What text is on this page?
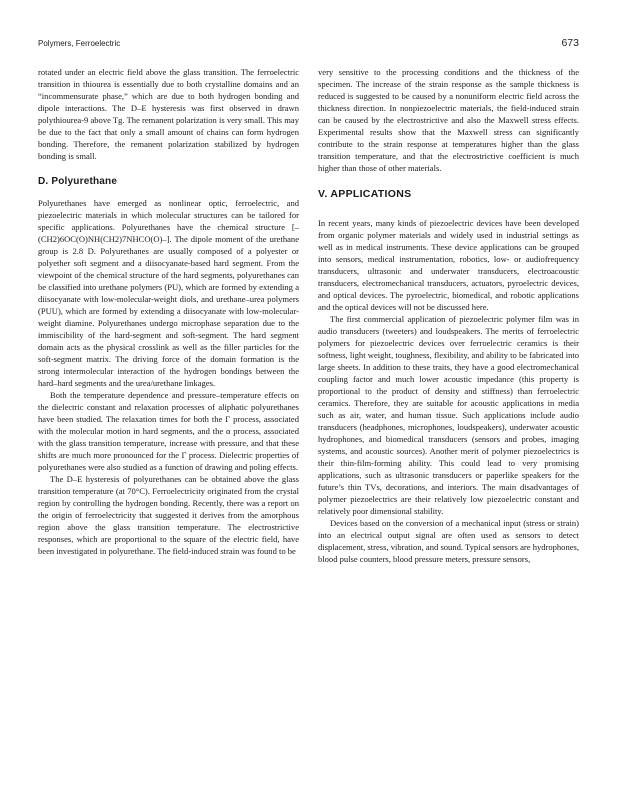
Polymers, Ferroelectric	673

rotated under an electric field above the glass transition. The ferroelectric transition in thiourea is essentially due to both crystalline domains and an “incommensurate phase,” which are due to both hydrogen bonding and dipole interactions. The D–E hysteresis was first observed in drawn polythiourea-9 above Tg. The remanent polarization is very small. This may be due to the fact that only a small amount of chains can form hydrogen bonding. Therefore, the remanent polarization stabilized by hydrogen bonding is small.

D. Polyurethane

Polyurethanes have emerged as nonlinear optic, ferroelectric, and piezoelectric materials in which molecular structures can be tailored for specific applications. Polyurethanes have the chemical structure [–(CH2)6OC(O)NH(CH2)7NHCO(O)–]. The dipole moment of the urethane group is 2.8 D. Polyurethanes are usually composed of a polyester or polyether soft segment and a diisocyanate-based hard segment. From the viewpoint of the chemical structure of the hard segments, polyurethanes can be classified into urethane polymers (PU), which are formed by extending a diisocyanate with low-molecular-weight diols, and urethane–urea polymers (PUU), which are formed by extending a diisocyanate with low-molecular-weight diamine. Polyurethanes undergo microphase separation due to the immiscibility of the hard-segment and soft-segment. The hard segment domain acts as the physical crosslink as well as the filler particles for the soft-segment matrix. The driving force of the domain formation is the strong intermolecular interaction of the hydrogen bondings between the hard–hard segments and the urea/urethane linkages.

Both the temperature dependence and pressure–temperature effects on the dielectric constant and relaxation processes of aliphatic polyurethanes have been studied. The relaxation times for both the Γ process, associated with the molecular motion in hard segments, and the α process, associated with the glass transition temperature, increase with pressure, and that these shifts are much more pronounced for the Γ process. Dielectric properties of polyurethanes were also studied as a function of drawing and poling effects.

The D–E hysteresis of polyurethanes can be obtained above the glass transition temperature (at 70°C). Ferroelectricity originated from the crystal region by controlling the hydrogen bonding. Recently, there was a report on the origin of ferroelectricity that suggested it derives from the amorphous region above the glass transition temperature. The electrostrictive responses, which are proportional to the square of the electric field, have been investigated in polyurethane. The field-induced strain was found to be

very sensitive to the processing conditions and the thickness of the specimen. The increase of the strain response as the sample thickness is reduced is suggested to be caused by a nonuniform electric field across the thickness direction. In nonpiezoelectric materials, the field-induced strain can be caused by the electrostrictive and also the Maxwell stress effects. Experimental results show that the Maxwell stress can significantly contribute to the strain response at temperatures higher than the glass transition temperature, and that the electrostrictive coefficient is much higher than those of other materials.

V. APPLICATIONS

In recent years, many kinds of piezoelectric devices have been developed from organic polymer materials and widely used in industrial settings as well as in medical instruments. These device applications can be grouped into sensors, medical instrumentation, robotics, low- or audiofrequency transducers, ultrasonic and underwater transducers, electroacoustic transducers, electromechanical transducers, actuators, pyroelectric devices, and optical devices. The pyroelectric, biomedical, and robotic applications and the optical devices will not be discussed here.

The first commercial application of piezoelectric polymer film was in audio transducers (tweeters) and loudspeakers. The merits of ferroelectric polymers for piezoelectric devices over ferroelectric ceramics is their softness, light weight, toughness, flexibility, and ability to be fabricated into large sheets. In addition to these traits, they have a good electromechanical coupling factor and much lower acoustic impedance (this property is proportional to the product of density and stiffness) than ferroelectric ceramics. Therefore, they are suitable for acoustic applications in media such as air, water, and human tissue. Such applications include audio transducers (headphones, microphones, loudspeakers), underwater acoustic hydrophones, and biomedical transducers (sensors and probes, imaging systems, and acoustic sources). Another merit of polymer piezoelectrics is their thin-film-forming ability. This could lead to very promising applications, such as ultrasonic transducers or paperlike speakers for the future’s thin TVs, decorations, and interiors. The main disadvantages of polymer piezoelectrics are their relatively low piezoelectric constant and relatively poor dimensional stability.

Devices based on the conversion of a mechanical input (stress or strain) into an electrical output signal are often used as sensors to detect displacement, stress, vibration, and sound. Typical sensors are hydrophones, blood pulse counters, blood pressure meters, pressure sensors,
